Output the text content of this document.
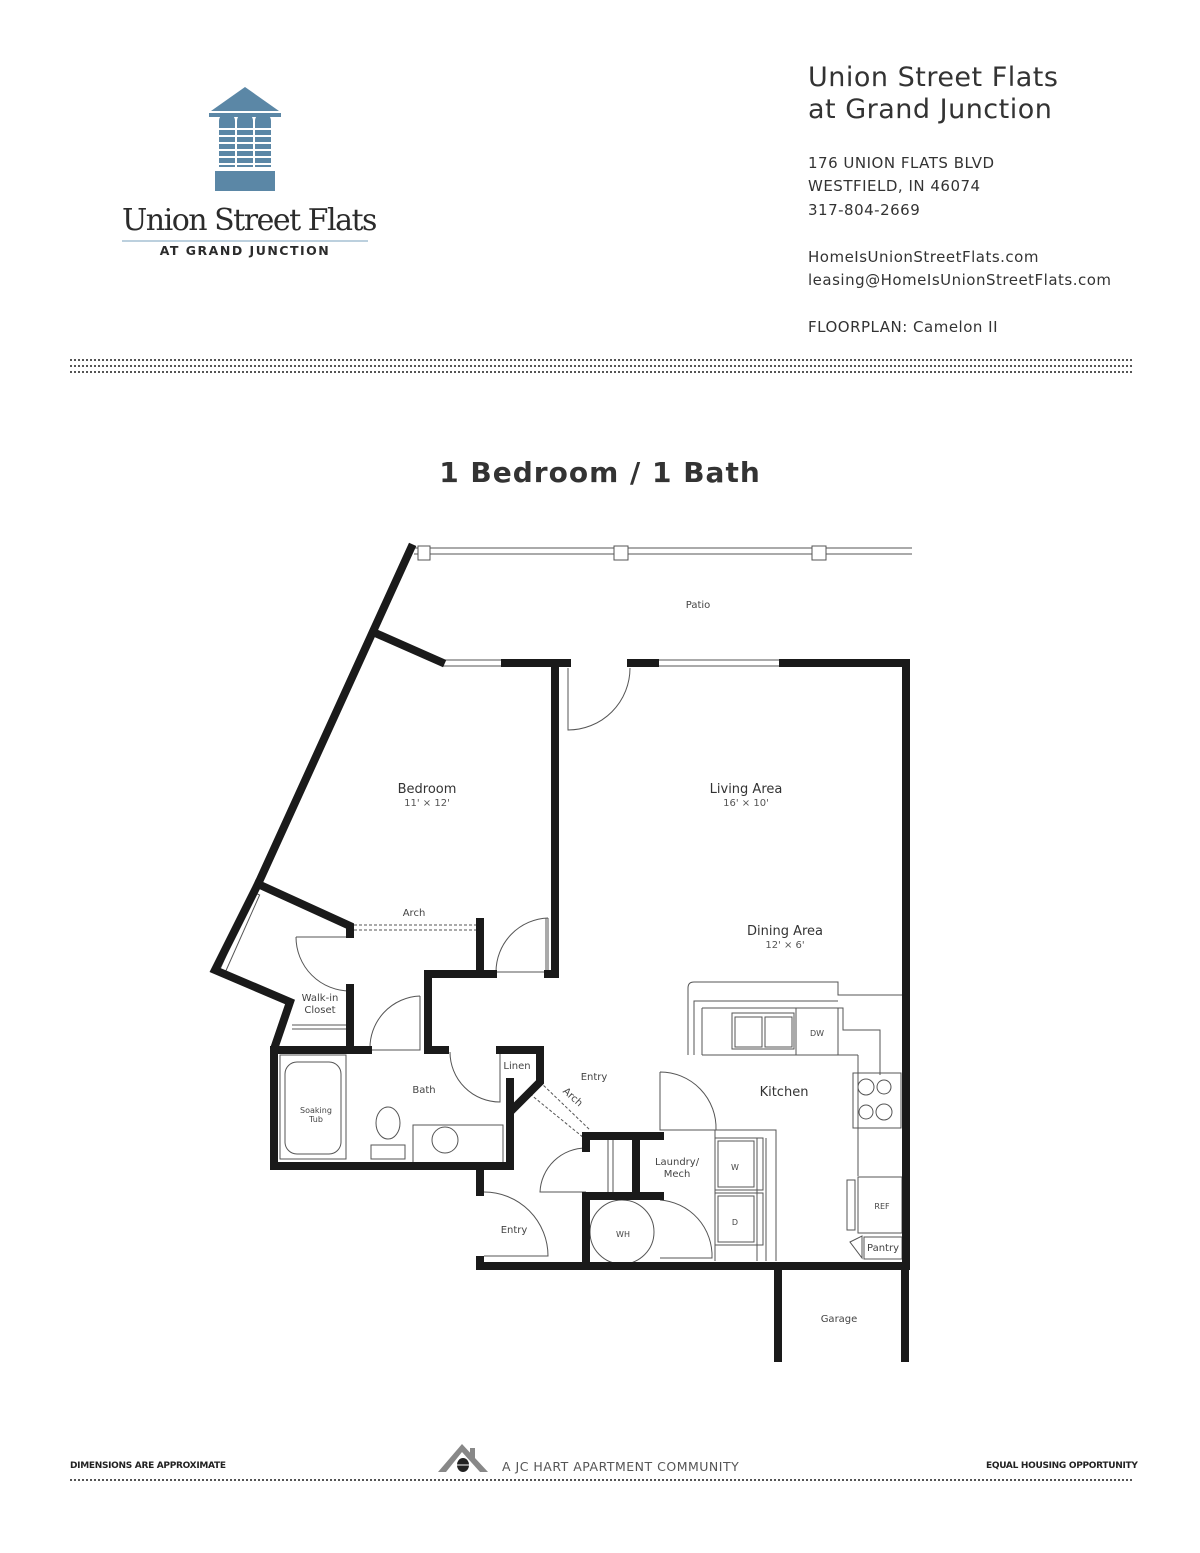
Union Street Flats
AT GRAND JUNCTION
Union Street Flats
at Grand Junction
176 UNION FLATS BLVD
WESTFIELD, IN 46074
317-804-2669
HomeIsUnionStreetFlats.com
leasing@HomeIsUnionStreetFlats.com
FLOORPLAN: Camelon II
1 Bedroom / 1 Bath
Patio
Bedroom
11' × 12'
Living Area
16' × 10'
Dining Area
12' × 6'
Arch
Arch
Walk-in Closet
Bath
Soaking Tub
Linen
Entry
Entry
Kitchen
Laundry/ Mech
W
D
WH
DW
REF
Pantry
Garage
DIMENSIONS ARE APPROXIMATE	A JC HART APARTMENT COMMUNITY	EQUAL HOUSING OPPORTUNITY
